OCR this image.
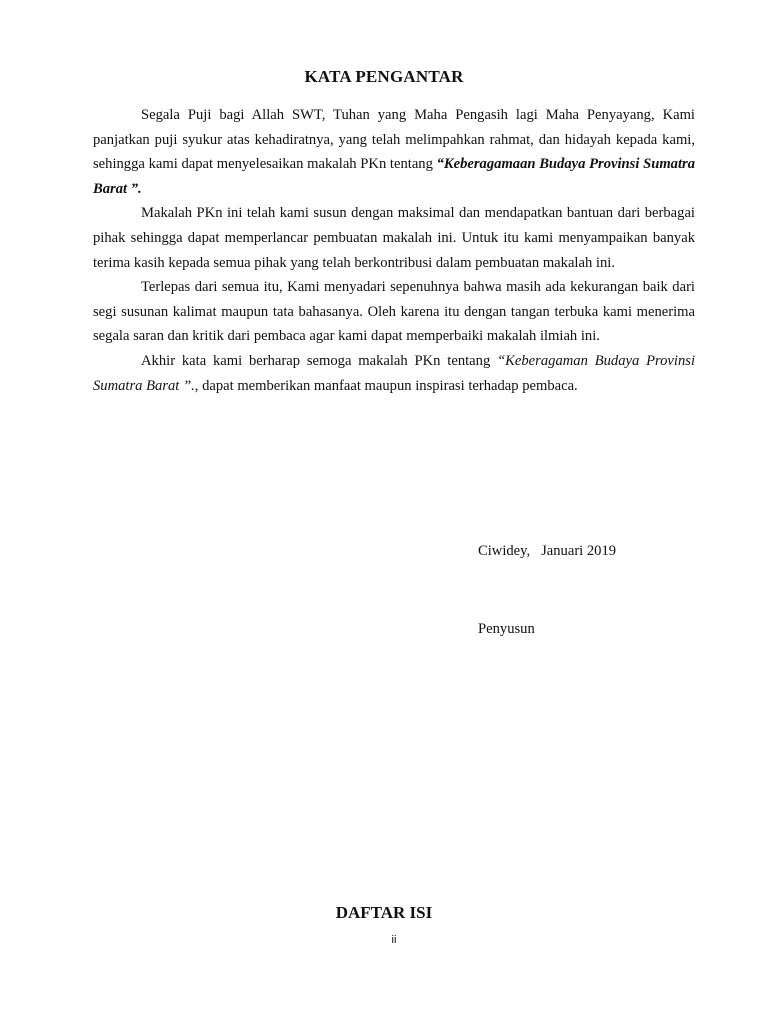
KATA PENGANTAR

Segala Puji bagi Allah SWT, Tuhan yang Maha Pengasih lagi Maha Penyayang, Kami panjatkan puji syukur atas kehadiratnya, yang telah melimpahkan rahmat, dan hidayah kepada kami, sehingga kami dapat menyelesaikan makalah PKn tentang “Keberagamaan Budaya Provinsi Sumatra Barat ”.

Makalah PKn ini telah kami susun dengan maksimal dan mendapatkan bantuan dari berbagai pihak sehingga dapat memperlancar pembuatan makalah ini. Untuk itu kami menyampaikan banyak terima kasih kepada semua pihak yang telah berkontribusi dalam pembuatan makalah ini.

Terlepas dari semua itu, Kami menyadari sepenuhnya bahwa masih ada kekurangan baik dari segi susunan kalimat maupun tata bahasanya. Oleh karena itu dengan tangan terbuka kami menerima segala saran dan kritik dari pembaca agar kami dapat memperbaiki makalah ilmiah ini.

Akhir kata kami berharap semoga makalah PKn tentang “Keberagaman Budaya Provinsi Sumatra Barat ”., dapat memberikan manfaat maupun inspirasi terhadap pembaca.

Ciwidey,   Januari 2019
Penyusun
DAFTAR ISI
ii
